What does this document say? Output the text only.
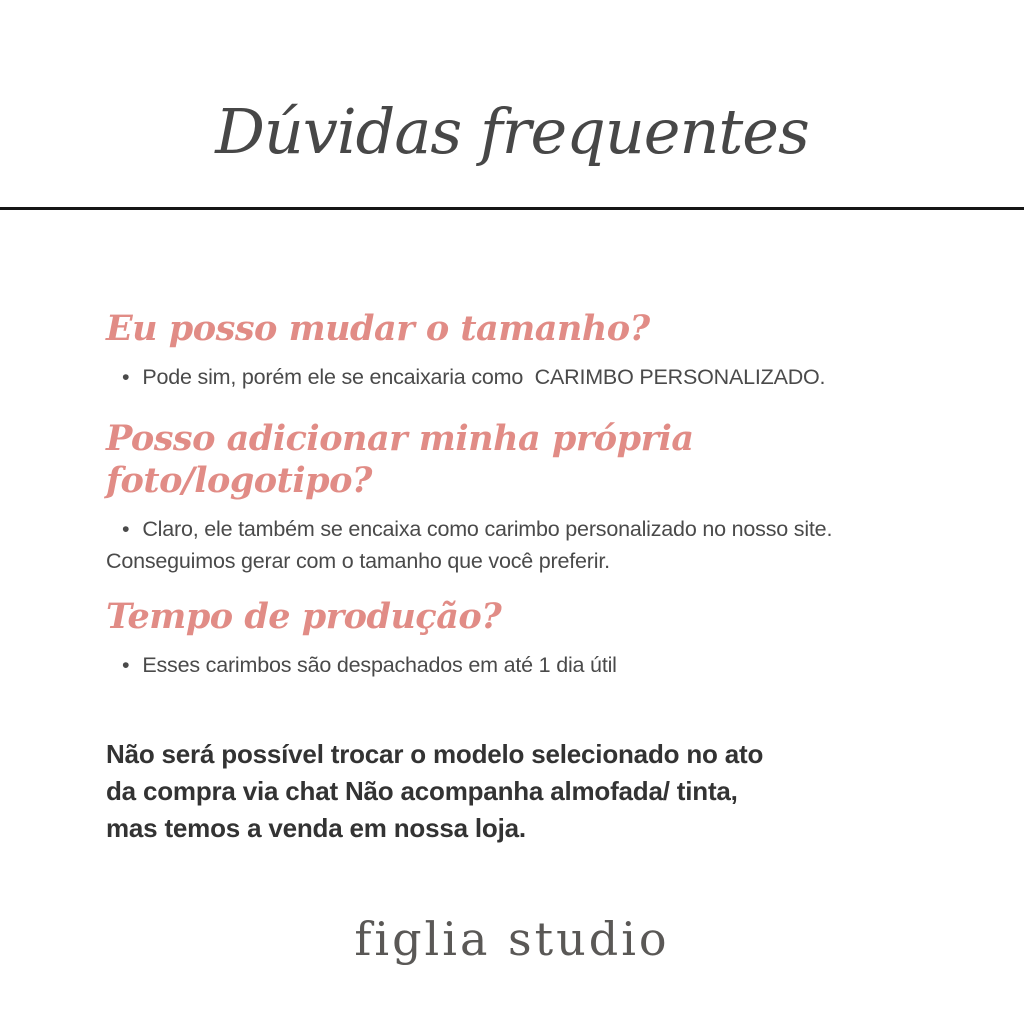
Dúvidas frequentes
Eu posso mudar o tamanho?

• Pode sim, porém ele se encaixaria como  CARIMBO PERSONALIZADO.

Posso adicionar minha própria foto/logotipo?

• Claro, ele também se encaixa como carimbo personalizado no nosso site.

Conseguimos gerar com o tamanho que você preferir.

Tempo de produção?

• Esses carimbos são despachados em até 1 dia útil

Não será possível trocar o modelo selecionado no ato

da compra via chat Não acompanha almofada/ tinta,

mas temos a venda em nossa loja.

figlia studio
